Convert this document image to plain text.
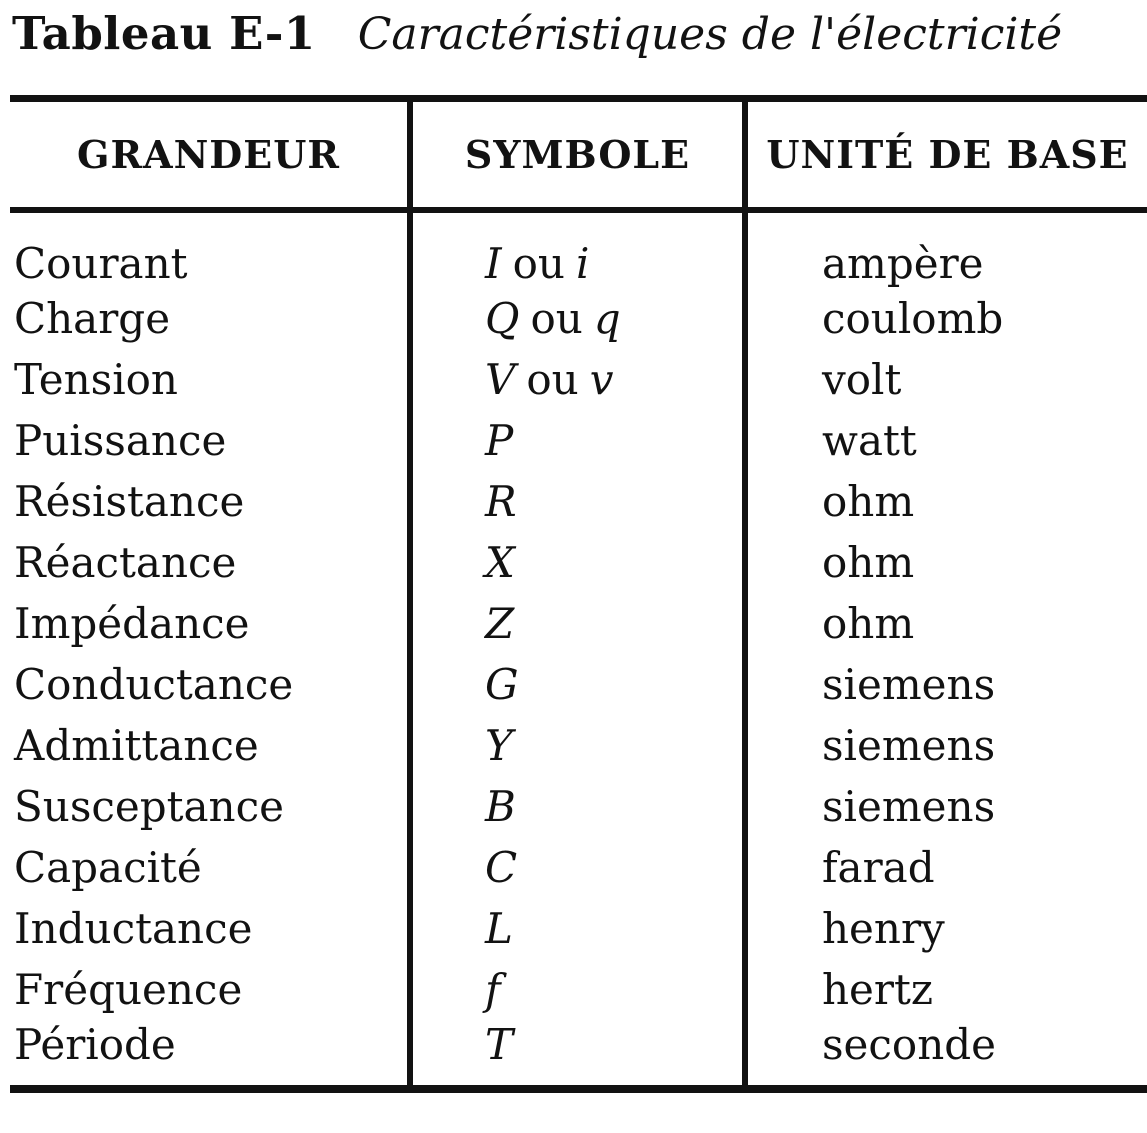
Tableau E-1 Caractéristiques de l'électricité
GRANDEUR	SYMBOLE	UNITÉ DE BASE
Courant	I ou i	ampère
Charge	Q ou q	coulomb
Tension	V ou v	volt
Puissance	P	watt
Résistance	R	ohm
Réactance	X	ohm
Impédance	Z	ohm
Conductance	G	siemens
Admittance	Y	siemens
Susceptance	B	siemens
Capacité	C	farad
Inductance	L	henry
Fréquence	f	hertz
Période	T	seconde
